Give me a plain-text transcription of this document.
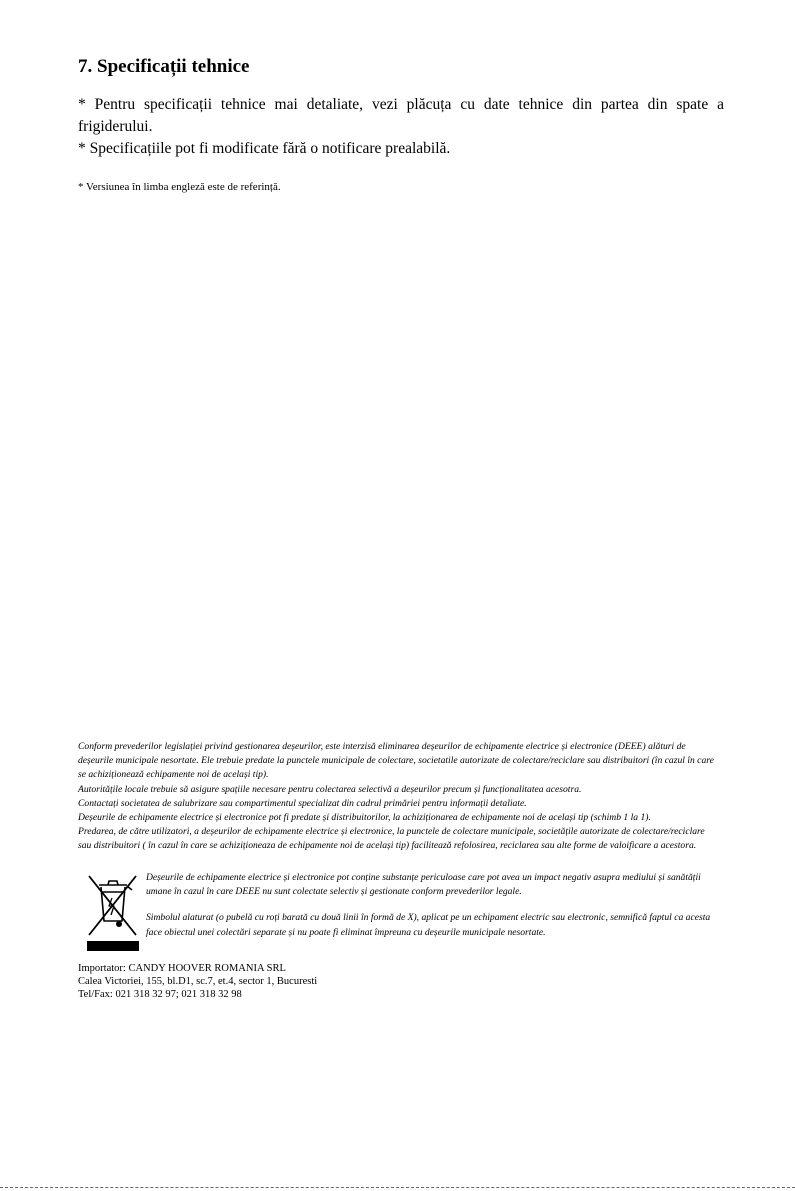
7. Specificații tehnice

* Pentru specificații tehnice mai detaliate, vezi plăcuța cu date tehnice din partea din spate a frigiderului.

* Specificațiile pot fi modificate fără o notificare prealabilă.

* Versiunea în limba engleză este de referință.

Conform prevederilor legislației privind gestionarea deșeurilor, este interzisă eliminarea deșeurilor de echipamente electrice și electronice (DEEE) alături de deșeurile municipale nesortate. Ele trebuie predate la punctele municipale de colectare, societatile autorizate de colectare/reciclare sau distribuitori (în cazul în care se achiziționează echipamente noi de același tip).

Autoritățile locale trebuie să asigure spațiile necesare pentru colectarea selectivă a deșeurilor precum și funcționalitatea acesotra.

Contactați societatea de salubrizare sau compartimentul specializat din cadrul primăriei pentru informații detaliate.

Deșeurile de echipamente electrice și electronice pot fi predate și distribuitorilor, la achiziționarea de echipamente noi de același tip (schimb 1 la 1).

Predarea, de către utilizatori, a deșeurilor de echipamente electrice și electronice, la punctele de colectare municipale, societățile autorizate de colectare/reciclare sau distribuitori ( în cazul în care se achiziționeaza de echipamente noi de același tip) facilitează refolosirea, reciclarea sau alte forme de valoificare a acestora.

Deșeurile de echipamente electrice și electronice pot conține substanțe periculoase care pot avea un impact negativ asupra mediului și sanătății umane în cazul în care DEEE nu sunt colectate selectiv și gestionate conform prevederilor legale.

Simbolul alaturat (o pubelă cu roți barată cu două linii în formă de X), aplicat pe un echipament electric sau electronic, semnifică faptul ca acesta face obiectul unei colectări separate și nu poate fi eliminat împreuna cu deșeurile municipale nesortate.

Importator: CANDY HOOVER ROMANIA SRL
Calea Victoriei, 155, bl.D1, sc.7, et.4, sector 1, Bucuresti
Tel/Fax: 021 318 32 97; 021 318 32 98
